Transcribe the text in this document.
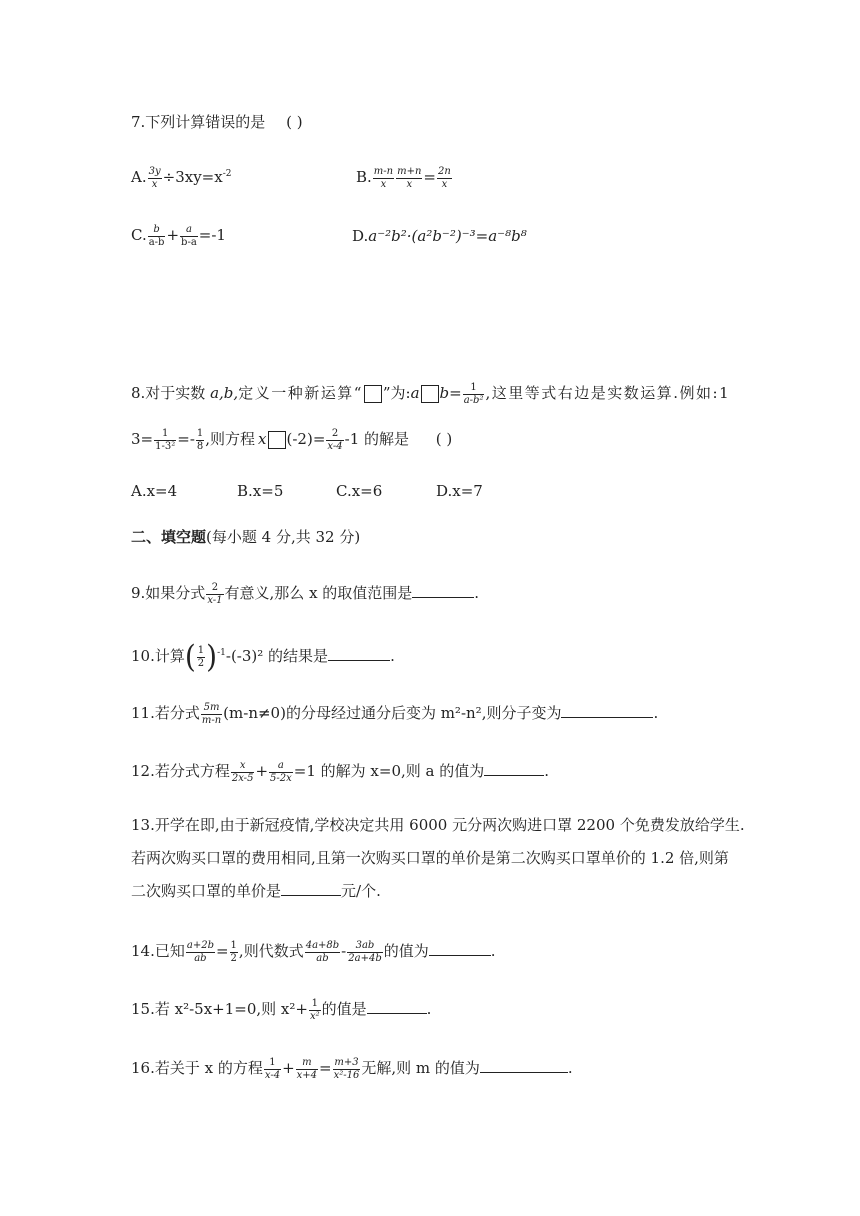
7.下列计算错误的是 ( )
A. $\frac{3y}{x} \div 3xy=x^{-2}$	B. $\frac{m-n}{x} \frac{m+n}{x} = \frac{2n}{x}$
C. $\frac{b}{a-b} + \frac{a}{b-a} =-1$	D.a⁻²b²·(a²b⁻²)⁻³=a⁻⁸b⁸
8.对于实数 a,b,定义一种新运算“ ”为:a $b= \frac{1}{\text{a-b²}}$ ,这里等式右边是实数运算.例如:1
$3= \frac{1}{\text{1-3²}} =- \frac{1}{8}$ ,则方程 x $(-2)= \frac{2}{x-4} -1$ 的解是 ( )
A.x=4	B.x=5	C.x=6	D.x=7
二、填空题(每小题 4 分,共 32 分)
9.如果分式 $\frac{2}{x-1}$ 有意义,那么 x 的取值范围是	.
10.计算( $\frac{1}{2} )^{-1}-(-3)^2$ 的结果是	.
11.若分式 $\frac{5m}{m-n} (m-n\ne 0)$的分母经过通分后变为 m²-n²,则分子变为	.
12.若分式方程 $\frac{x}{2x-5} + \frac{a}{5-2x} =1$ 的解为 x=0,则 a 的值为	.
13.开学在即,由于新冠疫情,学校决定共用 6000 元分两次购进口罩 2200 个免费发放给学生.
若两次购买口罩的费用相同,且第一次购买口罩的单价是第二次购买口罩单价的 1.2 倍,则第
二次购买口罩的单价是	元/个.
14.已知 $\frac{a+2b}{ab} = \frac{1}{2}$ ,则代数式 $\frac{4a+8b}{ab} - \frac{3ab}{2a+4b}$ 的值为	.
15.若 x²-5x+1=0,则 $x^2+ \frac{1}{\text{x²}}$ 的值是	.
16.若关于 x 的方程 $\frac{1}{x-4} + \frac{m}{x+4} = \frac{m+3}{\text{x²-16}}$ 无解,则 m 的值为	.
